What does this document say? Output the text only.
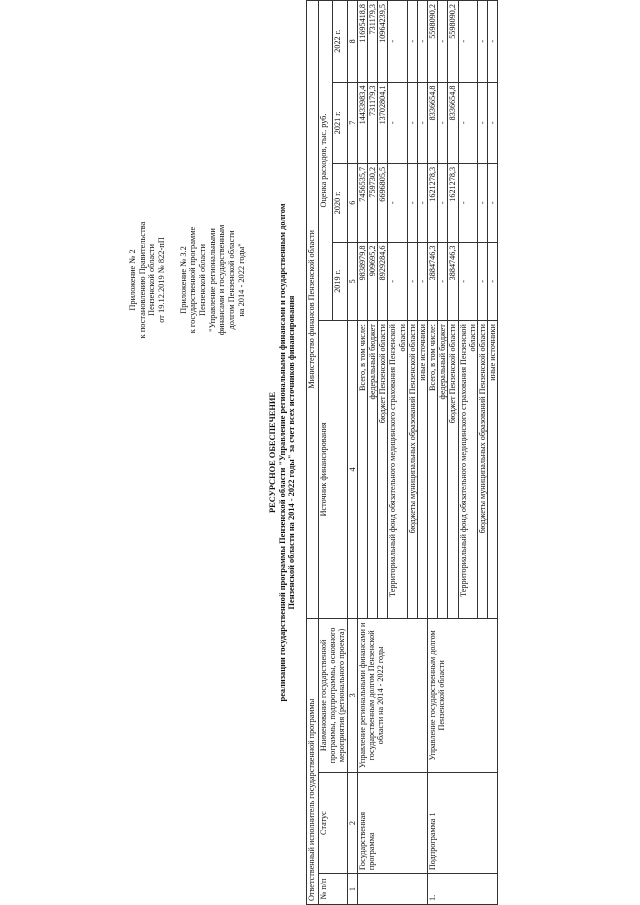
Приложение № 2 к постановлению Правительства Пензенской области от 19.12.2019 № 822-пП Приложение № 3.2 к государственной программе Пензенской области "Управление региональными финансами и государственным долгом Пензенской области на 2014 - 2022 годы"
РЕСУРСНОЕ ОБЕСПЕЧЕНИЕ реализации государственной программы Пензенской области "Управление региональными финансами и государственным долгом Пензенской области на 2014 - 2022 годы" за счет всех источников финансирования
Ответственный исполнитель государственной программы			Министерство финансов Пензенской области				
№ п/п	Статус	Наименование государственной программы, подпрограммы, основного мероприятия (регионального проекта)	Источник финансирования	Оценка расходов, тыс. руб.			
				2019 г.	2020 г.	2021 г.	2022 г.
1	2	3	4	5	6	7	8
	Государственная программа	Управление региональными финансами и государственным долгом Пензенской области на 2014 - 2022 годы	Всего, в том числе:	9838979,8	7456535,7	14433983,4	11695418,8
			федеральный бюджет	909695,2	759730,2	731179,3	731179,3
			бюджет Пензенской области	8929284,6	6696805,5	13702804,1	10964239,5
			Территориальный фонд обязательного медицинского страхования Пензенской области	-	-	-	-
			бюджеты муниципальных образований Пензенской области	-	-	-	-
			иные источники	-	-	-	-
1.	Подпрограмма 1	Управление государственным долгом Пензенской области	Всего, в том числе:	3884746,3	1621278,3	8336654,8	5598090,2
			федеральный бюджет	-	-	-	-
			бюджет Пензенской области	3884746,3	1621278,3	8336654,8	5598090,2
			Территориальный фонд обязательного медицинского страхования Пензенской области	-	-	-	-
			бюджеты муниципальных образований Пензенской области	-	-	-	-
			иные источники	-	-	-	-
